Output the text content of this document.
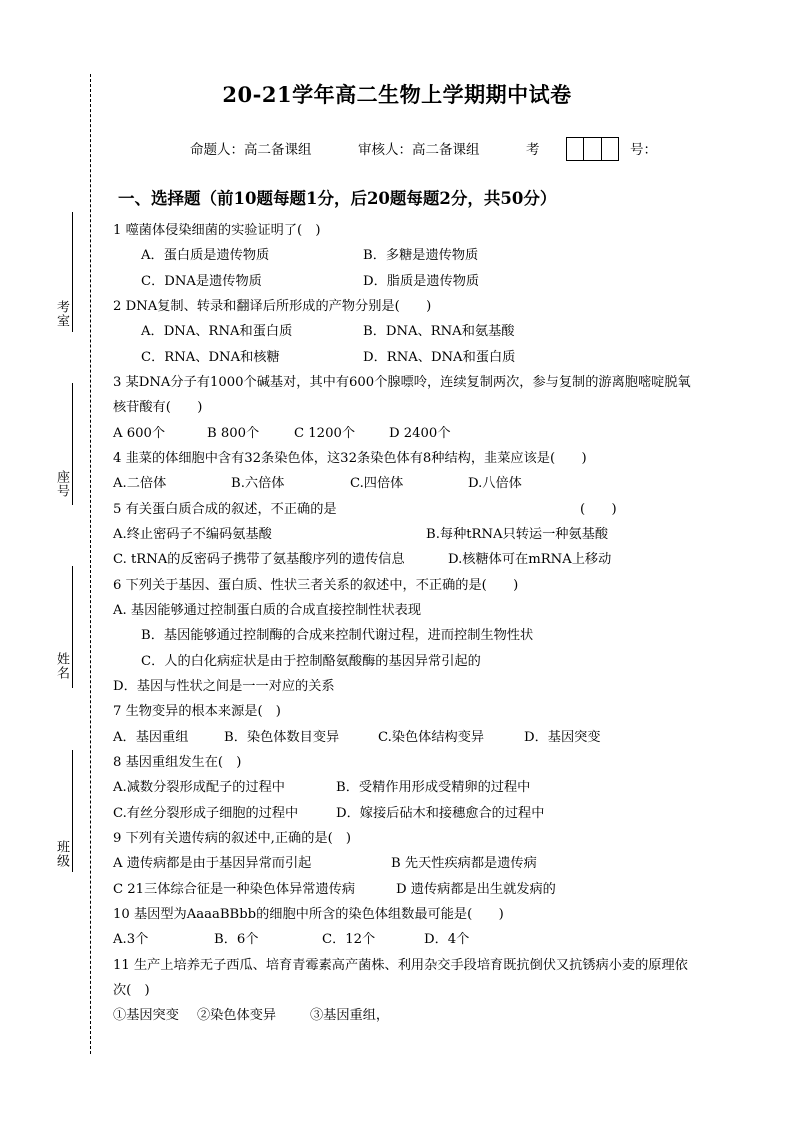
考室
座号
姓名
班级
20-21学年高二生物上学期期中试卷
命题人：高二备课组	审核人：高二备课组	考	号：
一、选择题（前10题每题1分，后20题每题2分，共50分）
1 噬菌体侵染细菌的实验证明了(　)
A．蛋白质是遗传物质	B．多糖是遗传物质
C．DNA是遗传物质	D．脂质是遗传物质
2 DNA复制、转录和翻译后所形成的产物分别是(　　)
A．DNA、RNA和蛋白质	B．DNA、RNA和氨基酸
C．RNA、DNA和核糖	D．RNA、DNA和蛋白质
3 某DNA分子有1000个碱基对，其中有600个腺嘌呤，连续复制两次，参与复制的游离胞嘧啶脱氧
核苷酸有(　　)
A 600个	B 800个	C 1200个	D 2400个
4 韭菜的体细胞中含有32条染色体，这32条染色体有8种结构，韭菜应该是(　　)
A.二倍体	B.六倍体	C.四倍体	D.八倍体
5 有关蛋白质合成的叙述，不正确的是	(　　)
A.终止密码子不编码氨基酸	B.每种tRNA只转运一种氨基酸
C. tRNA的反密码子携带了氨基酸序列的遗传信息	D.核糖体可在mRNA上移动
6 下列关于基因、蛋白质、性状三者关系的叙述中，不正确的是(　　)
A. 基因能够通过控制蛋白质的合成直接控制性状表现
B．基因能够通过控制酶的合成来控制代谢过程，进而控制生物性状
C．人的白化病症状是由于控制酪氨酸酶的基因异常引起的
D．基因与性状之间是一一对应的关系
7 生物变异的根本来源是(　)
A．基因重组	B．染色体数目变异	C.染色体结构变异	D．基因突变
8 基因重组发生在(　)
A.减数分裂形成配子的过程中	B．受精作用形成受精卵的过程中
C.有丝分裂形成子细胞的过程中	D．嫁接后砧木和接穗愈合的过程中
9 下列有关遗传病的叙述中,正确的是(　)
A 遗传病都是由于基因异常而引起	B 先天性疾病都是遗传病
C 21三体综合征是一种染色体异常遗传病	D 遗传病都是出生就发病的
10 基因型为AaaaBBbb的细胞中所含的染色体组数最可能是(　　)
A.3个	B．6个	C．12个	D．4个
11 生产上培养无子西瓜、培育青霉素高产菌株、利用杂交手段培育既抗倒伏又抗锈病小麦的原理依
次(　)
①基因突变 ②染色体变异	③基因重组，
